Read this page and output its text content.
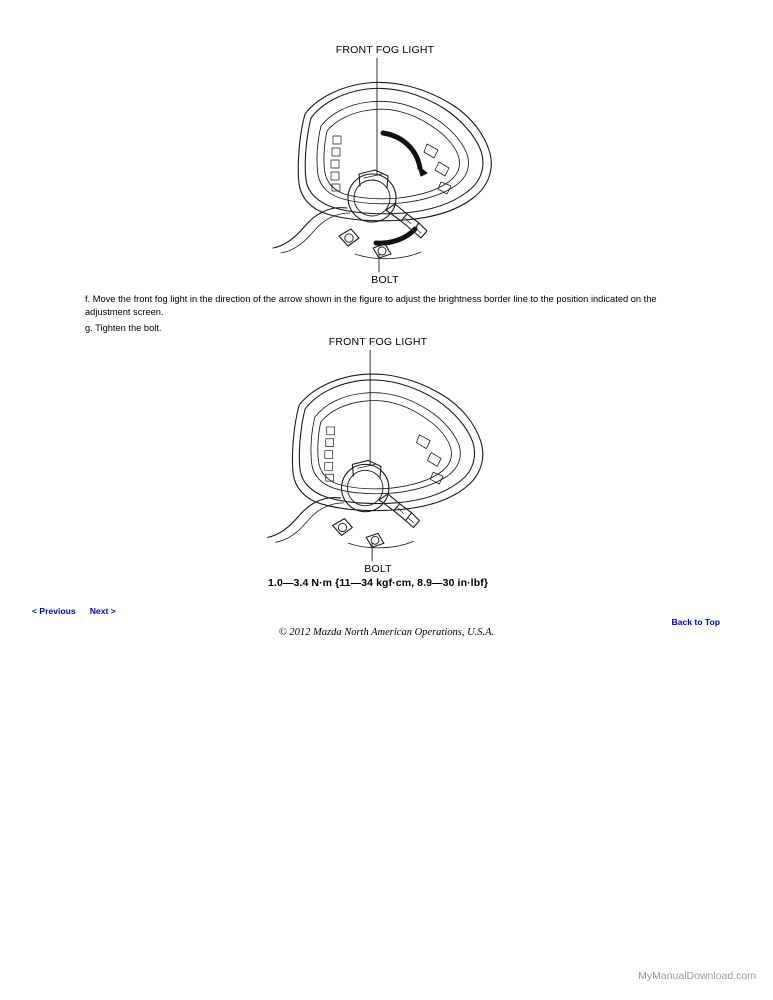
FRONT FOG LIGHT
BOLT
f. Move the front fog light in the direction of the arrow shown in the figure to adjust the brightness border line to the position indicated on the adjustment screen.
g. Tighten the bolt.
FRONT FOG LIGHT
BOLT
1.0—3.4 N·m {11—34 kgf·cm, 8.9—30 in·lbf}
< Previous Next >
Back to Top
© 2012 Mazda North American Operations, U.S.A.
MyManualDownload.com
